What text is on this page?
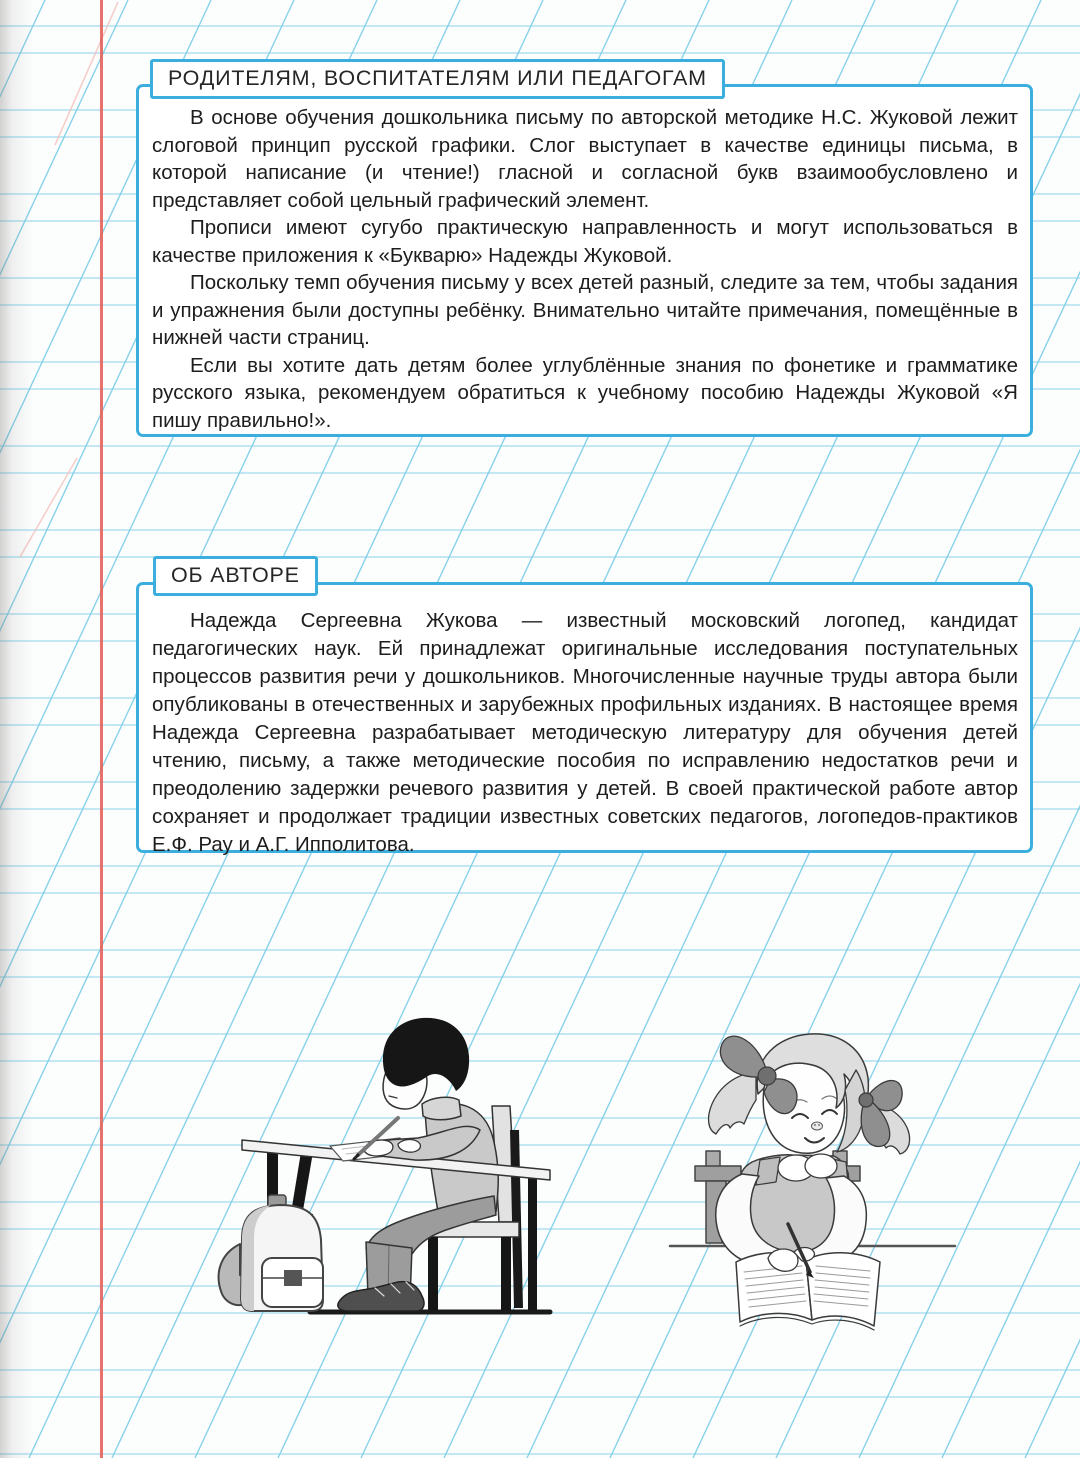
РОДИТЕЛЯМ, ВОСПИТАТЕЛЯМ ИЛИ ПЕДАГОГАМ

В основе обучения дошкольника письму по авторской методике Н.С. Жуковой лежит слоговой принцип русской графики. Слог выступает в качестве единицы письма, в которой написание (и чтение!) гласной и согласной букв взаимообусловлено и представляет собой цельный графический элемент.

Прописи имеют сугубо практическую направленность и могут использоваться в качестве приложения к «Букварю» Надежды Жуковой.

Поскольку темп обучения письму у всех детей разный, следите за тем, чтобы задания и упражнения были доступны ребёнку. Внимательно читайте примечания, помещённые в нижней части страниц.

Если вы хотите дать детям более углублённые знания по фонетике и грамматике русского языка, рекомендуем обратиться к учебному пособию Надежды Жуковой «Я пишу правильно!».

ОБ АВТОРЕ

Надежда Сергеевна Жукова — известный московский логопед, кандидат педагогических наук. Ей принадлежат оригинальные исследования поступательных процессов развития речи у дошкольников. Многочисленные научные труды автора были опубликованы в отечественных и зарубежных профильных изданиях. В настоящее время Надежда Сергеевна разрабатывает методическую литературу для обучения детей чтению, письму, а также методические пособия по исправлению недостатков речи и преодолению задержки речевого развития у детей. В своей практической работе автор сохраняет и продолжает традиции известных советских педагогов, логопедов-практиков Е.Ф. Рау и А.Г. Ипполитова.
